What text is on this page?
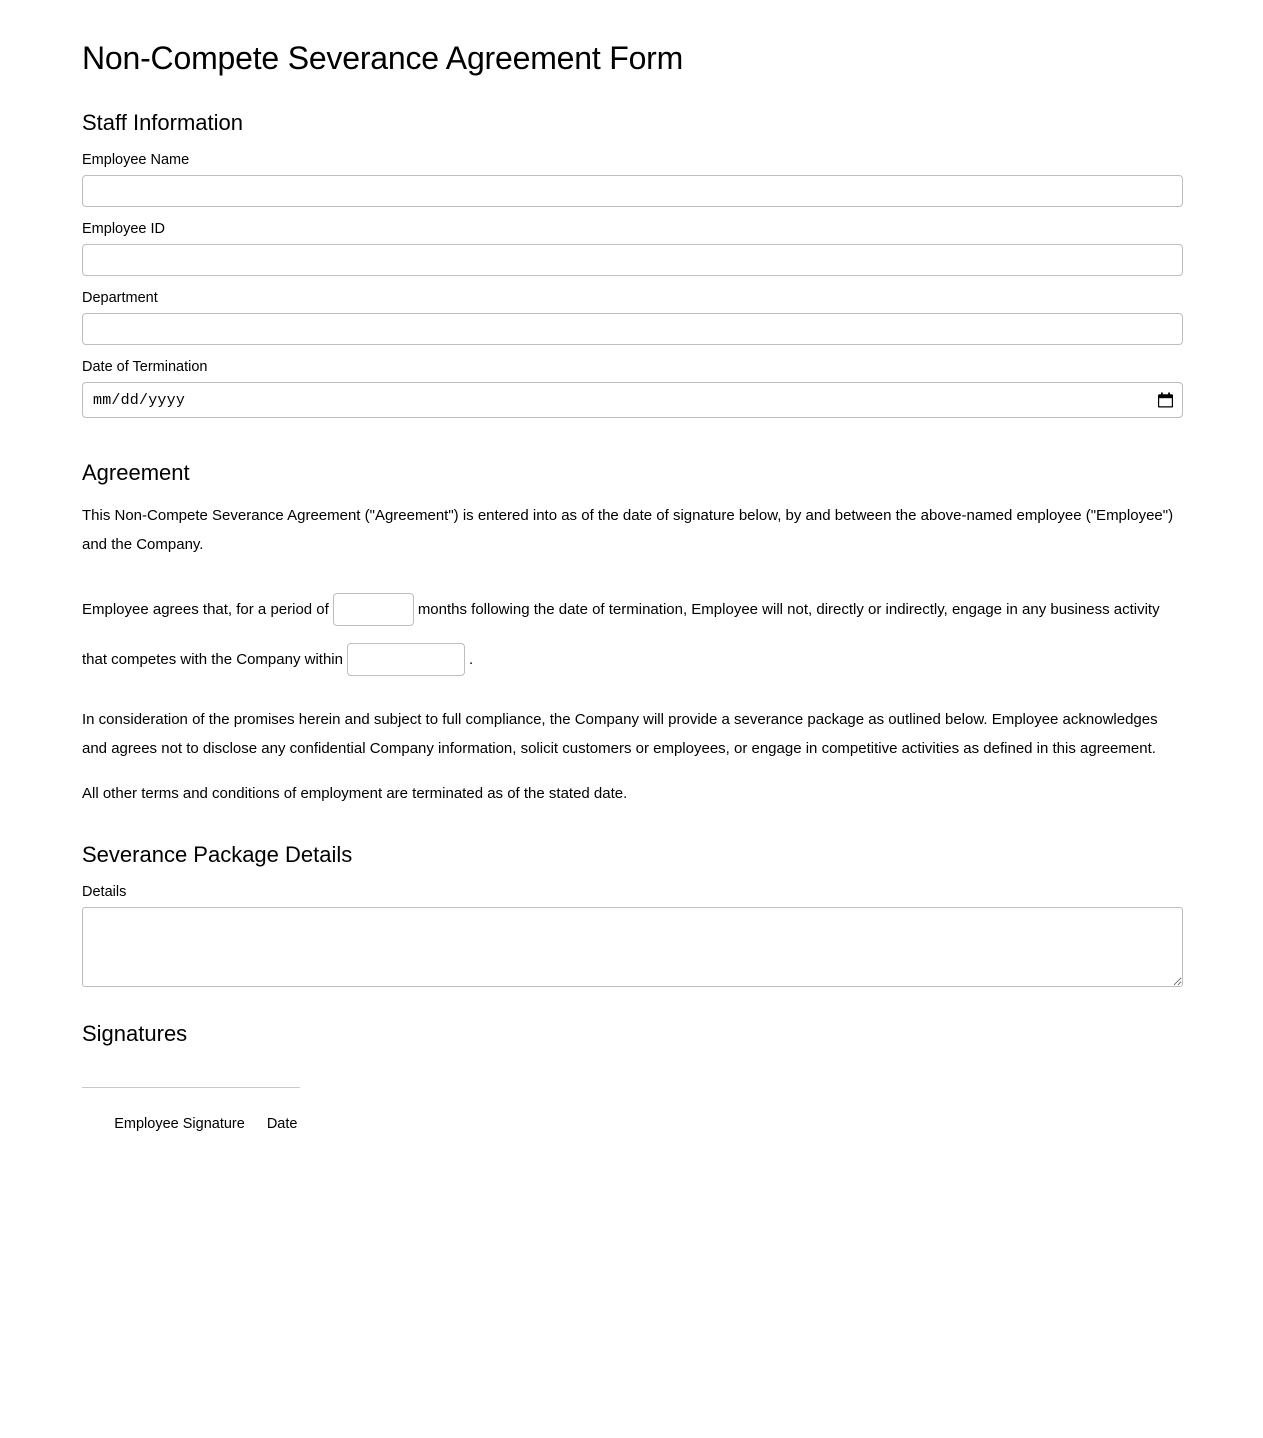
Non-Compete Severance Agreement Form
Staff Information
Employee Name
Employee ID
Department
Date of Termination
mm/dd/yyyy
Agreement

This Non-Compete Severance Agreement ("Agreement") is entered into as of the date of signature below, by and between the above-named employee ("Employee") and the Company.

Employee agrees that, for a period of	months following the date of termination, Employee will not, directly or indirectly, engage in any business activity that competes with the Company within	.

In consideration of the promises herein and subject to full compliance, the Company will provide a severance package as outlined below. Employee acknowledges and agrees not to disclose any confidential Company information, solicit customers or employees, or engage in competitive activities as defined in this agreement.

All other terms and conditions of employment are terminated as of the stated date.

Severance Package Details
Details
Signatures

Employee Signature Date
